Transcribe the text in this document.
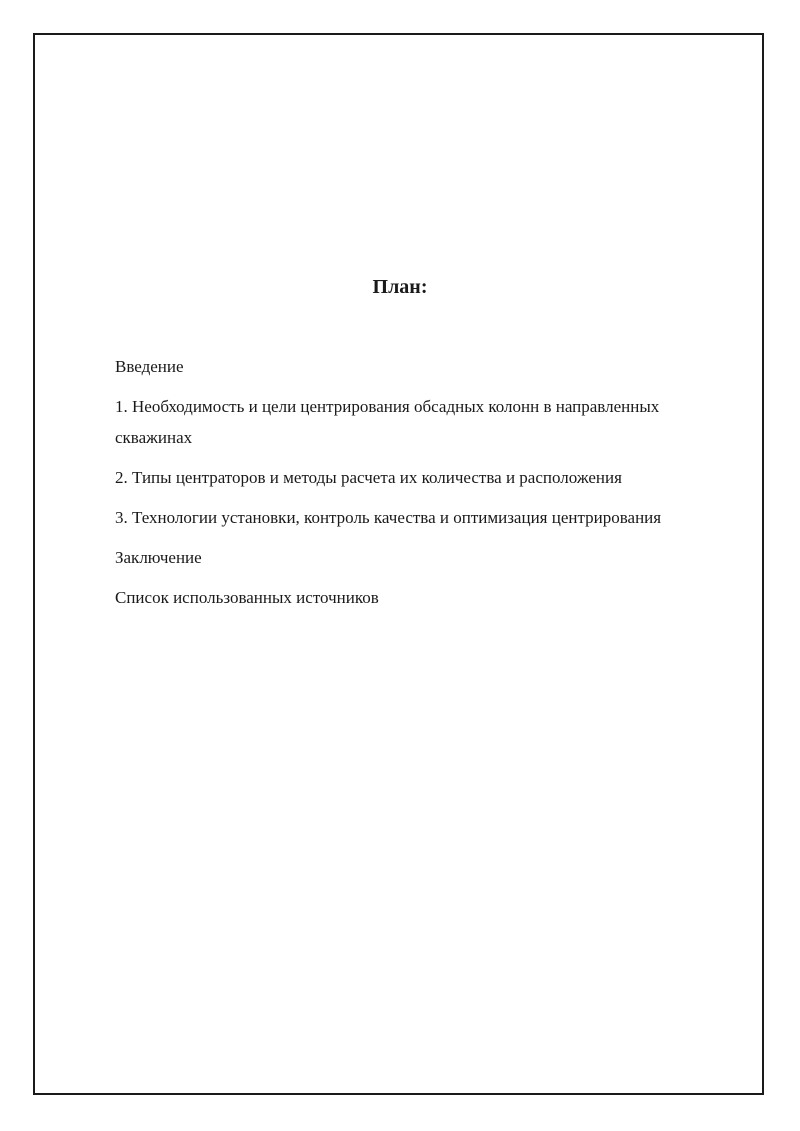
План:
Введение
1. Необходимость и цели центрирования обсадных колонн в направленных скважинах
2. Типы центраторов и методы расчета их количества и расположения
3. Технологии установки, контроль качества и оптимизация центрирования
Заключение
Список использованных источников
